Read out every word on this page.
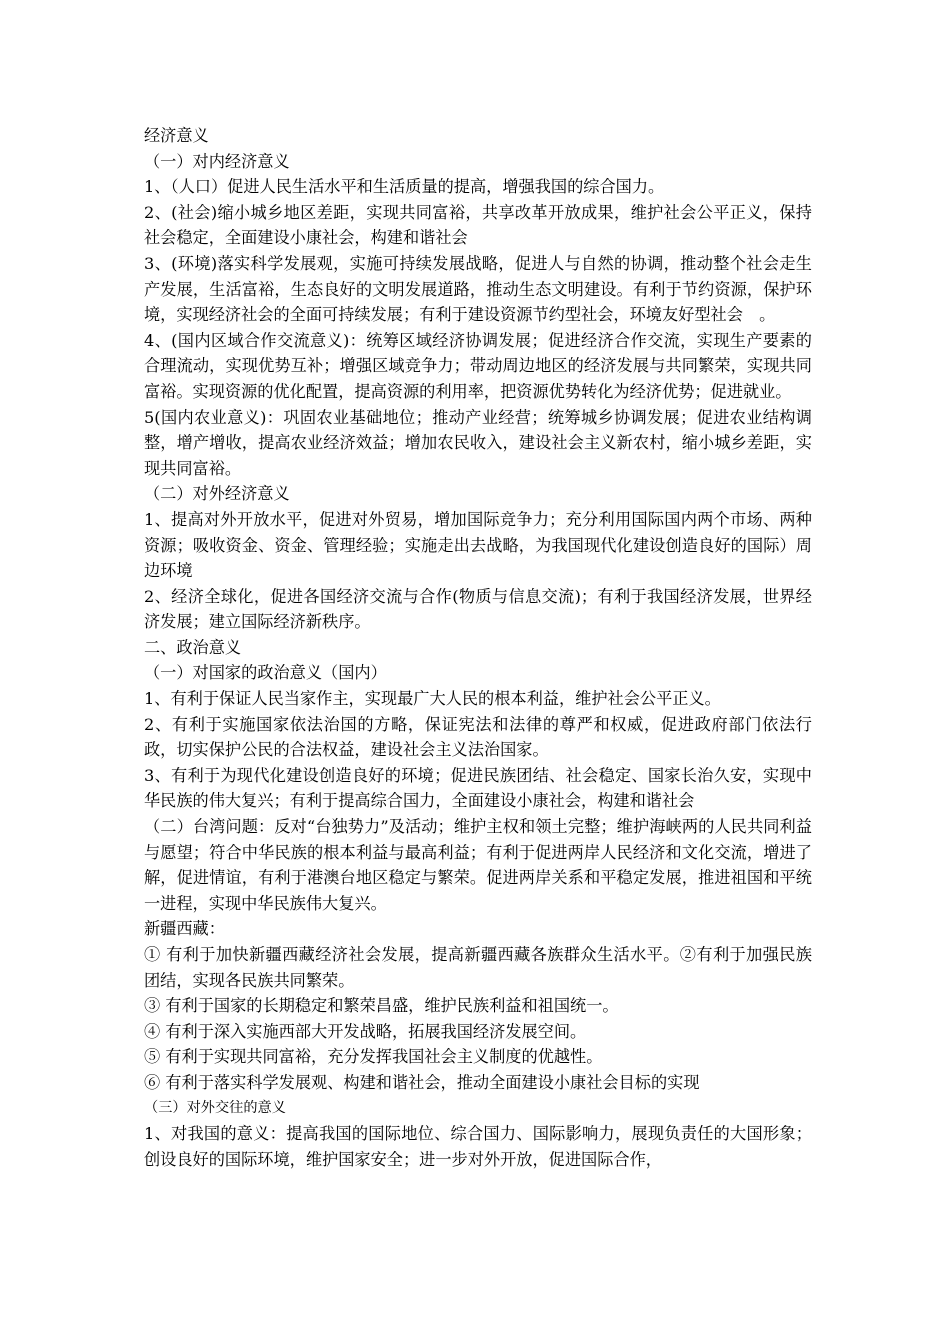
经济意义

（一）对内经济意义

1、（人口）促进人民生活水平和生活质量的提高，增强我国的综合国力。

2、(社会)缩小城乡地区差距，实现共同富裕，共享改革开放成果，维护社会公平正义，保持社会稳定，全面建设小康社会，构建和谐社会

3、(环境)落实科学发展观，实施可持续发展战略，促进人与自然的协调，推动整个社会走生产发展，生活富裕，生态良好的文明发展道路，推动生态文明建设。有利于节约资源，保护环境，实现经济社会的全面可持续发展；有利于建设资源节约型社会，环境友好型社会　。

4、(国内区域合作交流意义)：统筹区域经济协调发展；促进经济合作交流，实现生产要素的合理流动，实现优势互补；增强区域竞争力；带动周边地区的经济发展与共同繁荣，实现共同富裕。实现资源的优化配置，提高资源的利用率，把资源优势转化为经济优势；促进就业。

5(国内农业意义)：巩固农业基础地位；推动产业经营；统筹城乡协调发展；促进农业结构调整，增产增收，提高农业经济效益；增加农民收入，建设社会主义新农村，缩小城乡差距，实现共同富裕。

（二）对外经济意义

1、提高对外开放水平，促进对外贸易，增加国际竞争力；充分利用国际国内两个市场、两种资源；吸收资金、资金、管理经验；实施走出去战略，为我国现代化建设创造良好的国际）周边环境

2、经济全球化，促进各国经济交流与合作(物质与信息交流)；有利于我国经济发展，世界经济发展；建立国际经济新秩序。

二、政治意义

（一）对国家的政治意义（国内）

1、有利于保证人民当家作主，实现最广大人民的根本利益，维护社会公平正义。

2、有利于实施国家依法治国的方略，保证宪法和法律的尊严和权威，促进政府部门依法行政，切实保护公民的合法权益，建设社会主义法治国家。

3、有利于为现代化建设创造良好的环境；促进民族团结、社会稳定、国家长治久安，实现中华民族的伟大复兴；有利于提高综合国力，全面建设小康社会，构建和谐社会

（二）台湾问题：反对“台独势力”及活动；维护主权和领土完整；维护海峡两的人民共同利益与愿望；符合中华民族的根本利益与最高利益；有利于促进两岸人民经济和文化交流，增进了解，促进情谊，有利于港澳台地区稳定与繁荣。促进两岸关系和平稳定发展，推进祖国和平统一进程，实现中华民族伟大复兴。

新疆西藏：

① 有利于加快新疆西藏经济社会发展，提高新疆西藏各族群众生活水平。②有利于加强民族团结，实现各民族共同繁荣。

③ 有利于国家的长期稳定和繁荣昌盛，维护民族利益和祖国统一。

④ 有利于深入实施西部大开发战略，拓展我国经济发展空间。

⑤ 有利于实现共同富裕，充分发挥我国社会主义制度的优越性。

⑥ 有利于落实科学发展观、构建和谐社会，推动全面建设小康社会目标的实现

（三）对外交往的意义

1、对我国的意义：提高我国的国际地位、综合国力、国际影响力，展现负责任的大国形象；创设良好的国际环境，维护国家安全；进一步对外开放，促进国际合作，
